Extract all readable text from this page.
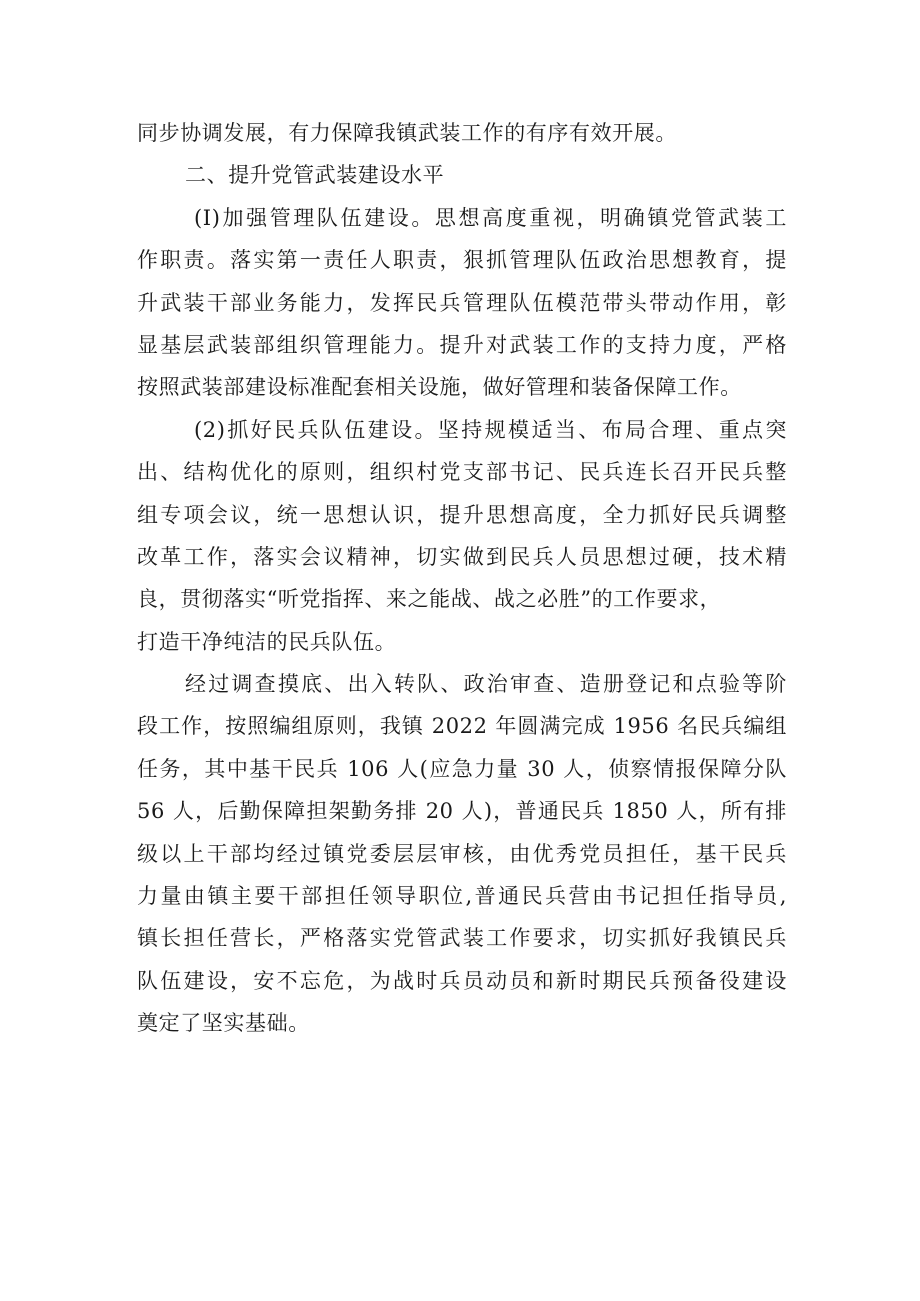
同步协调发展，有力保障我镇武装工作的有序有效开展。
二、提升党管武装建设水平
(I)加强管理队伍建设。思想高度重视，明确镇党管武装工
作职责。落实第一责任人职责，狠抓管理队伍政治思想教育，提
升武装干部业务能力，发挥民兵管理队伍模范带头带动作用，彰
显基层武装部组织管理能力。提升对武装工作的支持力度，严格
按照武装部建设标准配套相关设施，做好管理和装备保障工作。
(2)抓好民兵队伍建设。坚持规模适当、布局合理、重点突
出、结构优化的原则，组织村党支部书记、民兵连长召开民兵整
组专项会议，统一思想认识，提升思想高度，全力抓好民兵调整
改革工作，落实会议精神，切实做到民兵人员思想过硬，技术精
良，贯彻落实“听党指挥、来之能战、战之必胜”的工作要求，
打造干净纯洁的民兵队伍。
经过调查摸底、出入转队、政治审查、造册登记和点验等阶
段工作，按照编组原则，我镇 2022 年圆满完成 1956 名民兵编组
任务，其中基干民兵 106 人(应急力量 30 人，侦察情报保障分队
56 人，后勤保障担架勤务排 20 人)，普通民兵 1850 人，所有排
级以上干部均经过镇党委层层审核，由优秀党员担任，基干民兵
力量由镇主要干部担任领导职位,普通民兵营由书记担任指导员,
镇长担任营长，严格落实党管武装工作要求，切实抓好我镇民兵
队伍建设，安不忘危，为战时兵员动员和新时期民兵预备役建设
奠定了坚实基础。
